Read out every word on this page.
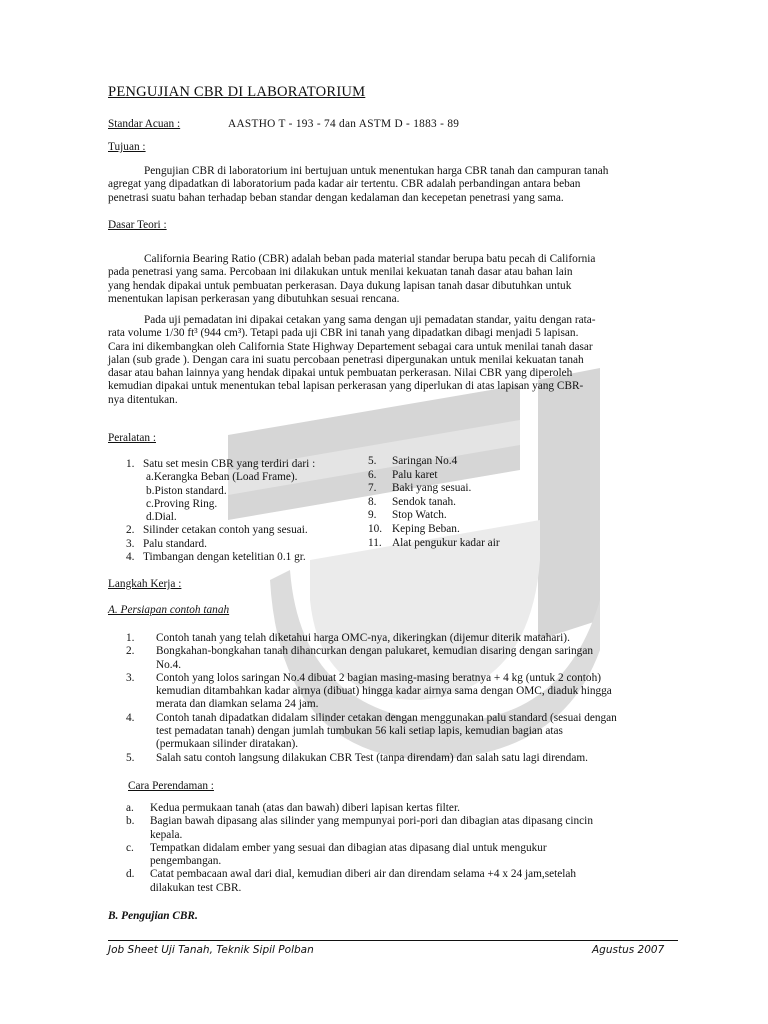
PENGUJIAN CBR DI LABORATORIUM
Standar Acuan :	AASTHO T - 193 - 74 dan ASTM D - 1883 - 89
Tujuan :
Pengujian CBR di laboratorium ini bertujuan untuk menentukan harga CBR tanah dan campuran tanah
agregat yang dipadatkan di laboratorium pada kadar air tertentu. CBR adalah perbandingan antara beban
penetrasi suatu bahan terhadap beban standar dengan kedalaman dan kecepetan penetrasi yang sama.
Dasar Teori :
California Bearing Ratio (CBR) adalah beban pada material standar berupa batu pecah di California
pada penetrasi yang sama. Percobaan ini dilakukan untuk menilai kekuatan tanah dasar atau bahan lain
yang hendak dipakai untuk pembuatan perkerasan. Daya dukung lapisan tanah dasar dibutuhkan untuk
menentukan lapisan perkerasan yang dibutuhkan sesuai rencana.
Pada uji pemadatan ini dipakai cetakan yang sama dengan uji pemadatan standar, yaitu dengan rata-
rata volume 1/30 ft³ (944 cm³). Tetapi pada uji CBR ini tanah yang dipadatkan dibagi menjadi 5 lapisan.
Cara ini dikembangkan oleh California State Highway Departement sebagai cara untuk menilai tanah dasar
jalan (sub grade ). Dengan cara ini suatu percobaan penetrasi dipergunakan untuk menilai kekuatan tanah
dasar atau bahan lainnya yang hendak dipakai untuk pembuatan perkerasan. Nilai CBR yang diperoleh
kemudian dipakai untuk menentukan tebal lapisan perkerasan yang diperlukan di atas lapisan yang CBR-
nya ditentukan.
Peralatan :
1. Satu set mesin CBR yang terdiri dari :
a.Kerangka Beban (Load Frame).
b.Piston standard.
c.Proving Ring.
d.Dial.
2. Silinder cetakan contoh yang sesuai.
3. Palu standard.
4. Timbangan dengan ketelitian 0.1 gr.
5. Saringan No.4
6. Palu karet
7. Baki yang sesuai.
8. Sendok tanah.
9. Stop Watch.
10. Keping Beban.
11. Alat pengukur kadar air
Langkah Kerja :
A. Persiapan contoh tanah
1. Contoh tanah yang telah diketahui harga OMC-nya, dikeringkan (dijemur diterik matahari).
2. Bongkahan-bongkahan tanah dihancurkan dengan palukaret, kemudian disaring dengan saringan
No.4.
3. Contoh yang lolos saringan No.4 dibuat 2 bagian masing-masing beratnya + 4 kg (untuk 2 contoh)
kemudian ditambahkan kadar airnya (dibuat) hingga kadar airnya sama dengan OMC, diaduk hingga
merata dan diamkan selama 24 jam.
4. Contoh tanah dipadatkan didalam silinder cetakan dengan menggunakan palu standard (sesuai dengan
test pemadatan tanah) dengan jumlah tumbukan 56 kali setiap lapis, kemudian bagian atas
(permukaan silinder diratakan).
5. Salah satu contoh langsung dilakukan CBR Test (tanpa direndam) dan salah satu lagi direndam.
Cara Perendaman :
a. Kedua permukaan tanah (atas dan bawah) diberi lapisan kertas filter.
b. Bagian bawah dipasang alas silinder yang mempunyai pori-pori dan dibagian atas dipasang cincin
kepala.
c. Tempatkan didalam ember yang sesuai dan dibagian atas dipasang dial untuk mengukur
pengembangan.
d. Catat pembacaan awal dari dial, kemudian diberi air dan direndam selama +4 x 24 jam,setelah
dilakukan test CBR.
B. Pengujian CBR.
Job Sheet Uji Tanah, Teknik Sipil Polban	Agustus 2007
